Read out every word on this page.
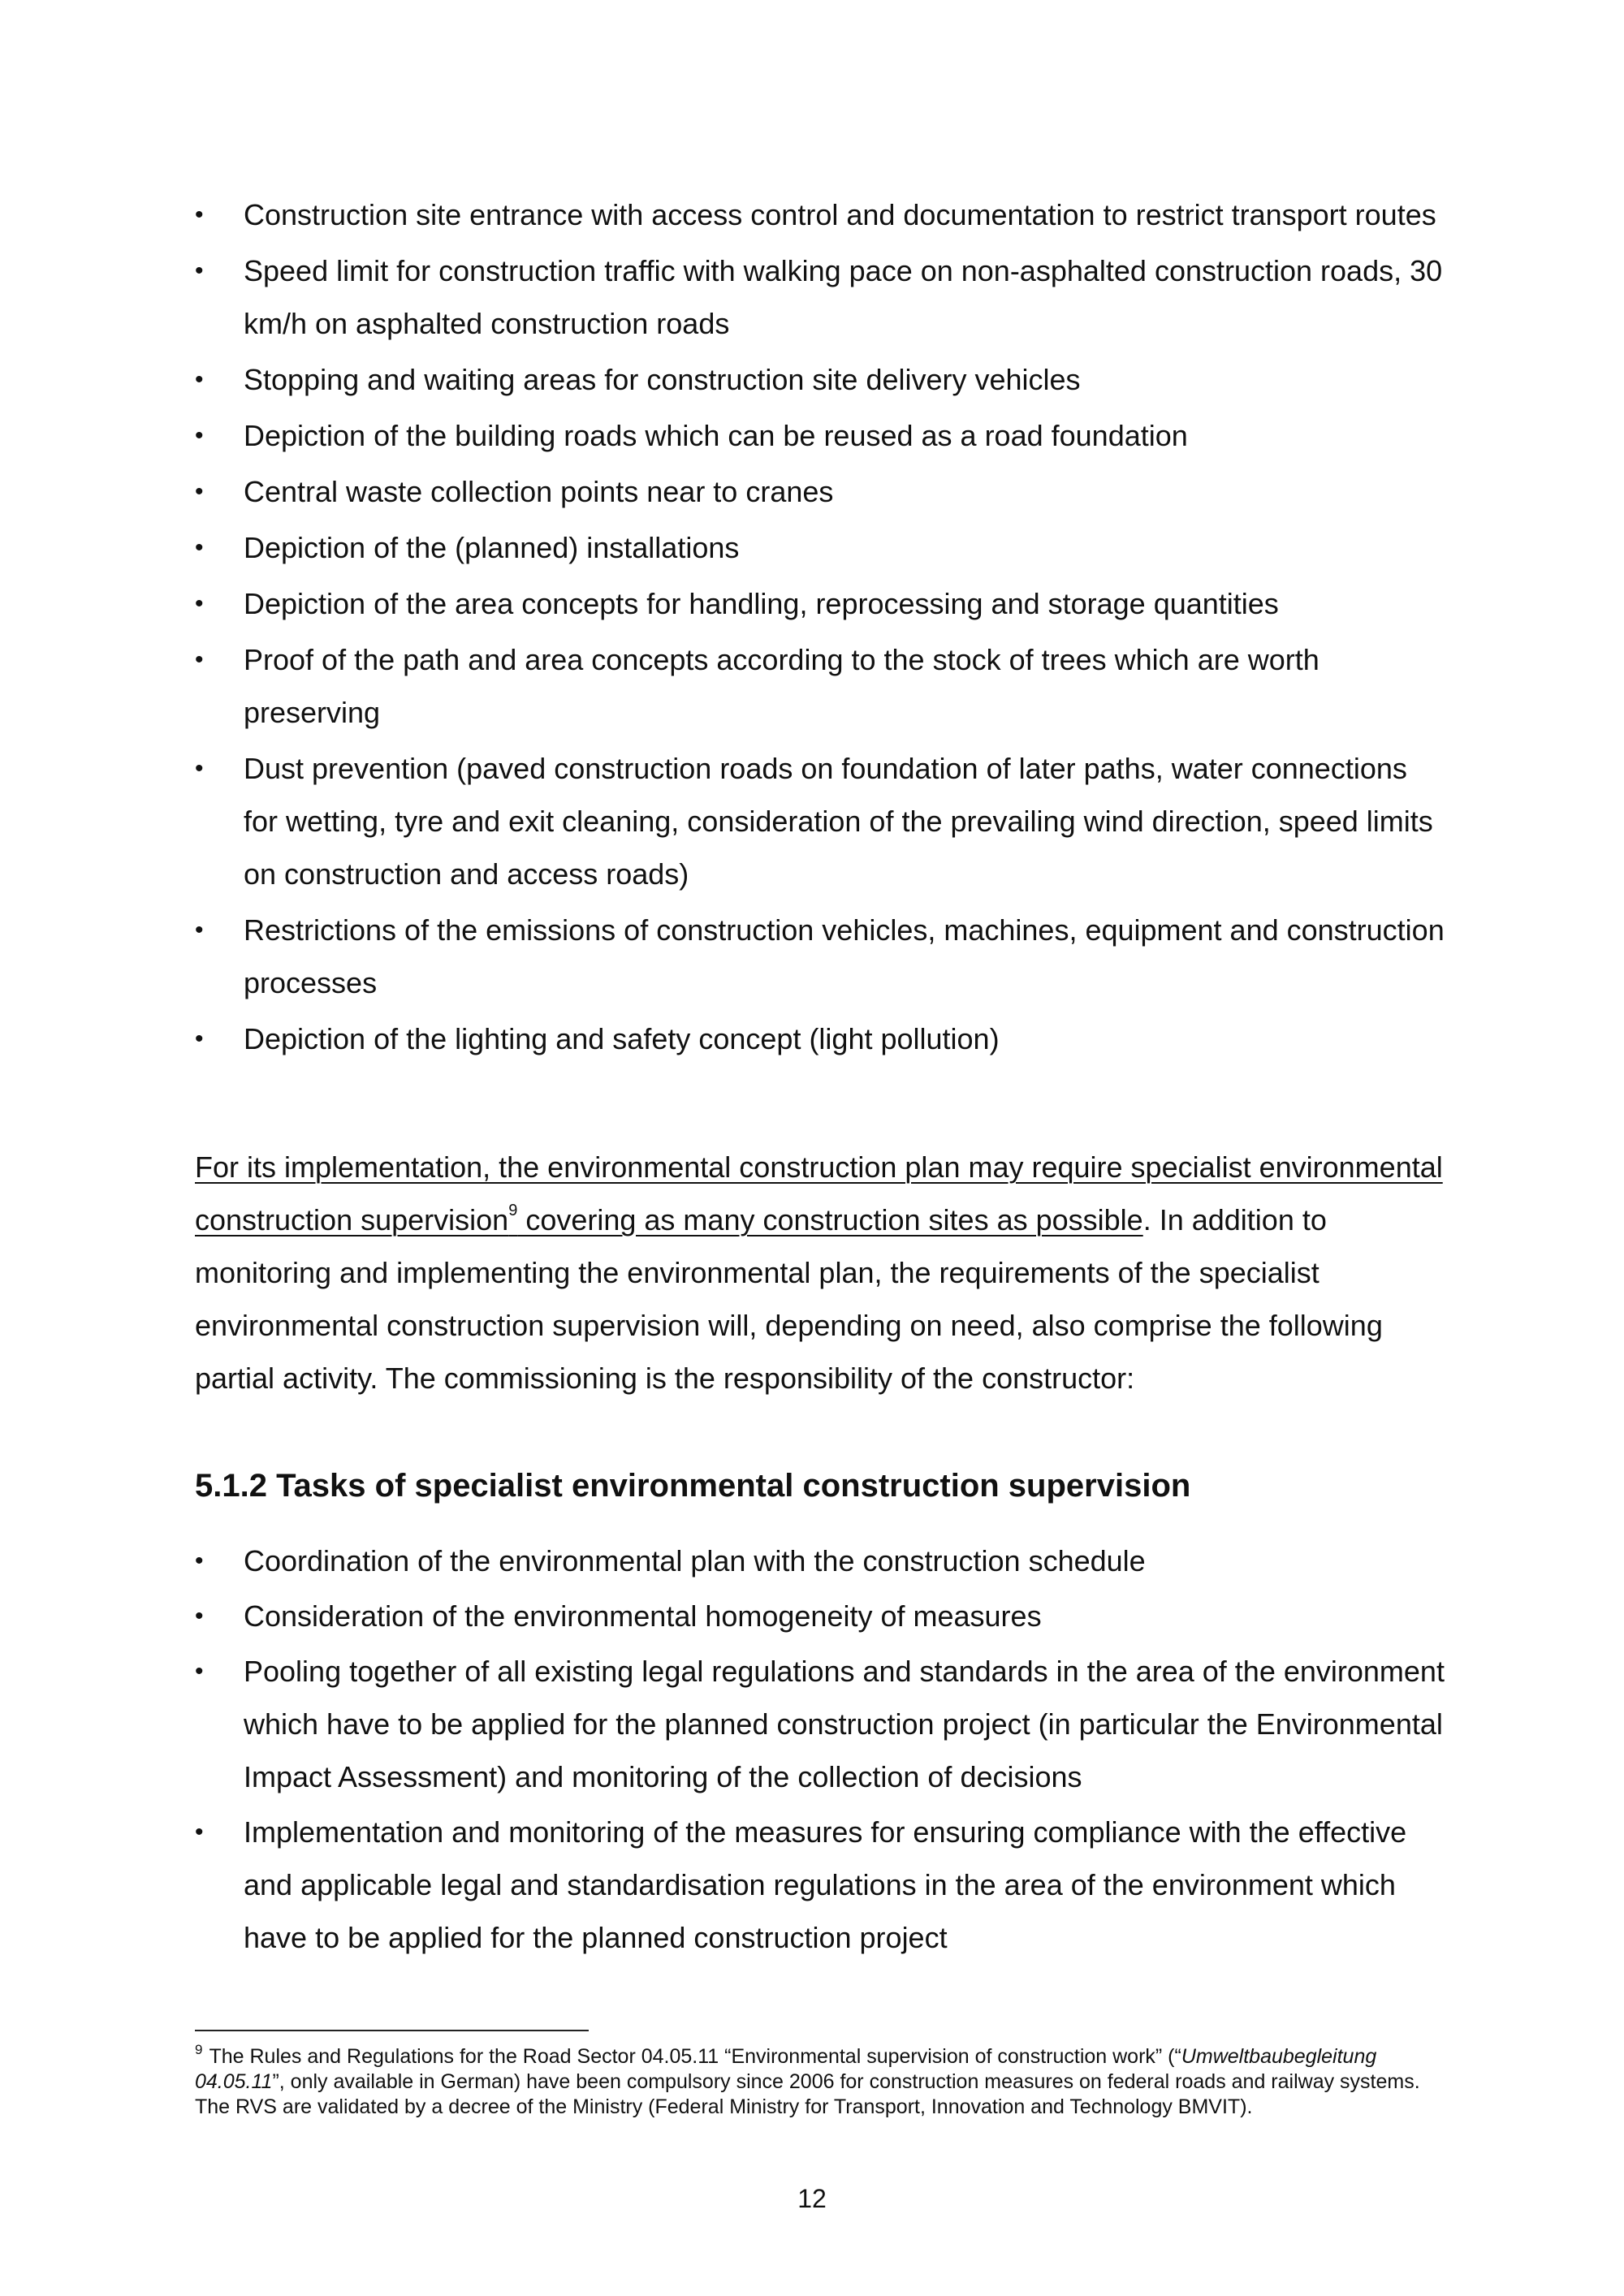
• Construction site entrance with access control and documentation to restrict transport routes
• Speed limit for construction traffic with walking pace on non-asphalted construction roads, 30 km/h on asphalted construction roads
• Stopping and waiting areas for construction site delivery vehicles
• Depiction of the building roads which can be reused as a road foundation
• Central waste collection points near to cranes
• Depiction of the (planned) installations
• Depiction of the area concepts for handling, reprocessing and storage quantities
• Proof of the path and area concepts according to the stock of trees which are worth preserving
• Dust prevention (paved construction roads on foundation of later paths, water connections for wetting, tyre and exit cleaning, consideration of the prevailing wind direction, speed limits on construction and access roads)
• Restrictions of the emissions of construction vehicles, machines, equipment and construction processes
• Depiction of the lighting and safety concept (light pollution)

For its implementation, the environmental construction plan may require specialist environmental construction supervision$^9$ covering as many construction sites as possible. In addition to monitoring and implementing the environmental plan, the requirements of the specialist environmental construction supervision will, depending on need, also comprise the following partial activity. The commissioning is the responsibility of the constructor:

5.1.2 Tasks of specialist environmental construction supervision
• Coordination of the environmental plan with the construction schedule
• Consideration of the environmental homogeneity of measures
• Pooling together of all existing legal regulations and standards in the area of the environment which have to be applied for the planned construction project (in particular the Environmental Impact Assessment) and monitoring of the collection of decisions
• Implementation and monitoring of the measures for ensuring compliance with the effective and applicable legal and standardisation regulations in the area of the environment which have to be applied for the planned construction project
$^9$ The Rules and Regulations for the Road Sector 04.05.11 “Environmental supervision of construction work” (“Umweltbaubegleitung 04.05.11”, only available in German) have been compulsory since 2006 for construction measures on federal roads and railway systems. The RVS are validated by a decree of the Ministry (Federal Ministry for Transport, Innovation and Technology BMVIT).
12
